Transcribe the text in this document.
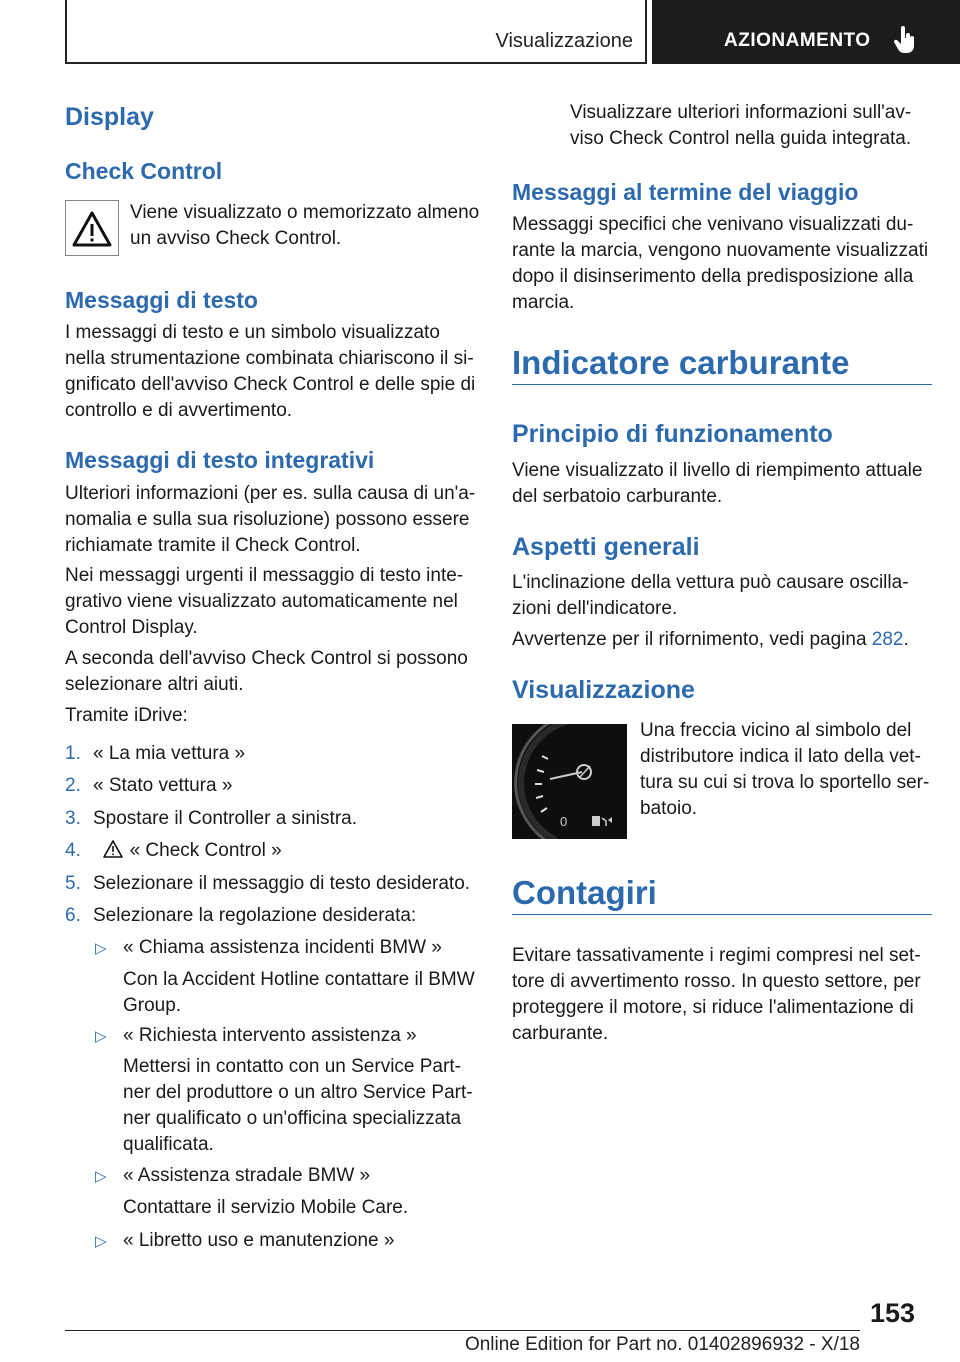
Visualizzazione	AZIONAMENTO
Display
Check Control
Viene visualizzato o memorizzato almeno
un avviso Check Control.
Messaggi di testo
I messaggi di testo e un simbolo visualizzato
nella strumentazione combinata chiariscono il si-
gnificato dell'avviso Check Control e delle spie di
controllo e di avvertimento.
Messaggi di testo integrativi
Ulteriori informazioni (per es. sulla causa di un'a-
nomalia e sulla sua risoluzione) possono essere
richiamate tramite il Check Control.
Nei messaggi urgenti il messaggio di testo inte-
grativo viene visualizzato automaticamente nel
Control Display.
A seconda dell'avviso Check Control si possono
selezionare altri aiuti.
Tramite iDrive:
1. « La mia vettura »
2. « Stato vettura »
3. Spostare il Controller a sinistra.
4.	« Check Control »
5. Selezionare il messaggio di testo desiderato.
6. Selezionare la regolazione desiderata:
▷ « Chiama assistenza incidenti BMW »
Con la Accident Hotline contattare il BMW
Group.
▷ « Richiesta intervento assistenza »
Mettersi in contatto con un Service Part-
ner del produttore o un altro Service Part-
ner qualificato o un'officina specializzata
qualificata.
▷ « Assistenza stradale BMW »
Contattare il servizio Mobile Care.
▷ « Libretto uso e manutenzione »
Visualizzare ulteriori informazioni sull'av-
viso Check Control nella guida integrata.
Messaggi al termine del viaggio
Messaggi specifici che venivano visualizzati du-
rante la marcia, vengono nuovamente visualizzati
dopo il disinserimento della predisposizione alla
marcia.
Indicatore carburante
Principio di funzionamento
Viene visualizzato il livello di riempimento attuale
del serbatoio carburante.
Aspetti generali
L'inclinazione della vettura può causare oscilla-
zioni dell'indicatore.
Avvertenze per il rifornimento, vedi pagina 282.
Visualizzazione
0
Una freccia vicino al simbolo del
distributore indica il lato della vet-
tura su cui si trova lo sportello ser-
batoio.
Contagiri
Evitare tassativamente i regimi compresi nel set-
tore di avvertimento rosso. In questo settore, per
proteggere il motore, si riduce l'alimentazione di
carburante.
153
Online Edition for Part no. 01402896932 - X/18
